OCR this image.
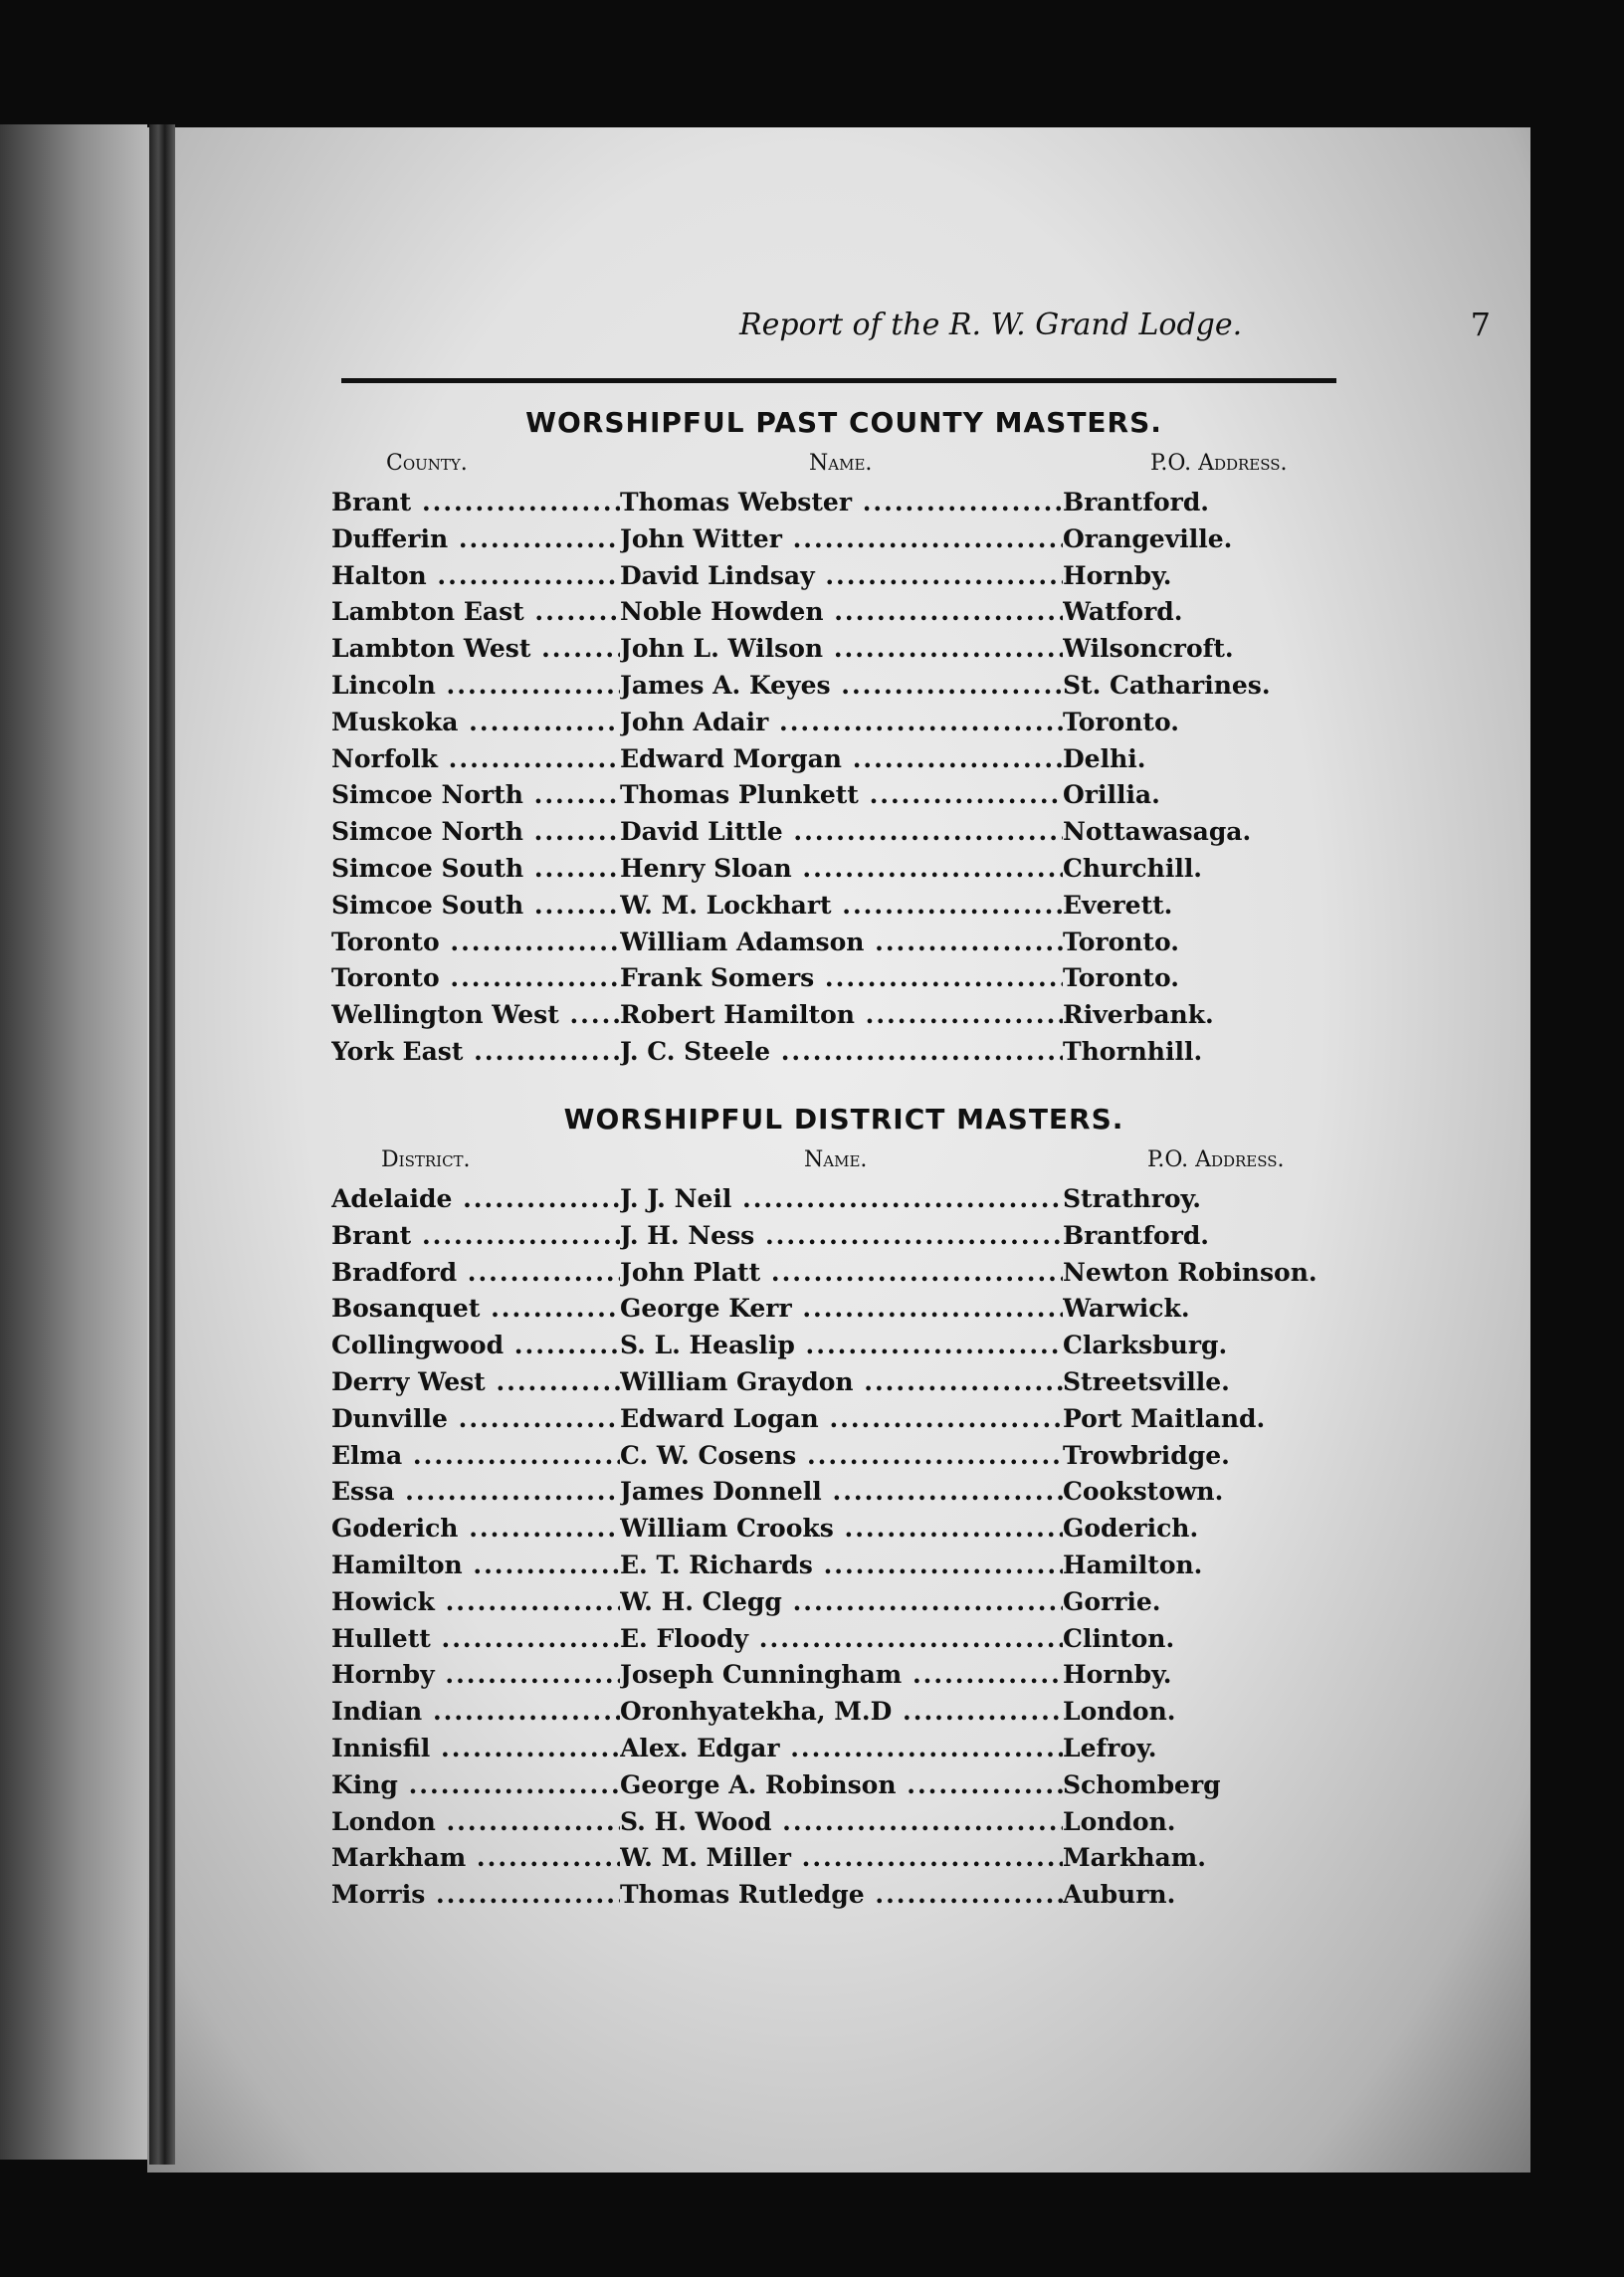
Report of the R. W. Grand Lodge.	7
WORSHIPFUL PAST COUNTY MASTERS.
County.	Name.	P.O. Address.
Brant .....	Thomas Webster .....	Brantford.
Dufferin .....	John Witter .....	Orangeville.
Halton .....	David Lindsay .....	Hornby.
Lambton East .....	Noble Howden .....	Watford.
Lambton West .....	John L. Wilson .....	Wilsoncroft.
Lincoln .....	James A. Keyes .....	St. Catharines.
Muskoka .....	John Adair .....	Toronto.
Norfolk .....	Edward Morgan .....	Delhi.
Simcoe North .....	Thomas Plunkett .....	Orillia.
Simcoe North .....	David Little .....	Nottawasaga.
Simcoe South .....	Henry Sloan .....	Churchill.
Simcoe South .....	W. M. Lockhart .....	Everett.
Toronto .....	William Adamson .....	Toronto.
Toronto .....	Frank Somers .....	Toronto.
Wellington West .....	Robert Hamilton .....	Riverbank.
York East .....	J. C. Steele .....	Thornhill.
WORSHIPFUL DISTRICT MASTERS.
District.	Name.	P.O. Address.
Adelaide .....	J. J. Neil .....	Strathroy.
Brant .....	J. H. Ness .....	Brantford.
Bradford .....	John Platt .....	Newton Robinson.
Bosanquet .....	George Kerr .....	Warwick.
Collingwood .....	S. L. Heaslip .....	Clarksburg.
Derry West .....	William Graydon .....	Streetsville.
Dunville .....	Edward Logan .....	Port Maitland.
Elma .....	C. W. Cosens .....	Trowbridge.
Essa .....	James Donnell .....	Cookstown.
Goderich .....	William Crooks .....	Goderich.
Hamilton .....	E. T. Richards .....	Hamilton.
Howick .....	W. H. Clegg .....	Gorrie.
Hullett .....	E. Floody .....	Clinton.
Hornby .....	Joseph Cunningham .....	Hornby.
Indian .....	Oronhyatekha, M.D .....	London.
Innisfil .....	Alex. Edgar .....	Lefroy.
King .....	George A. Robinson .....	Schomberg
London .....	S. H. Wood .....	London.
Markham .....	W. M. Miller .....	Markham.
Morris .....	Thomas Rutledge .....	Auburn.
